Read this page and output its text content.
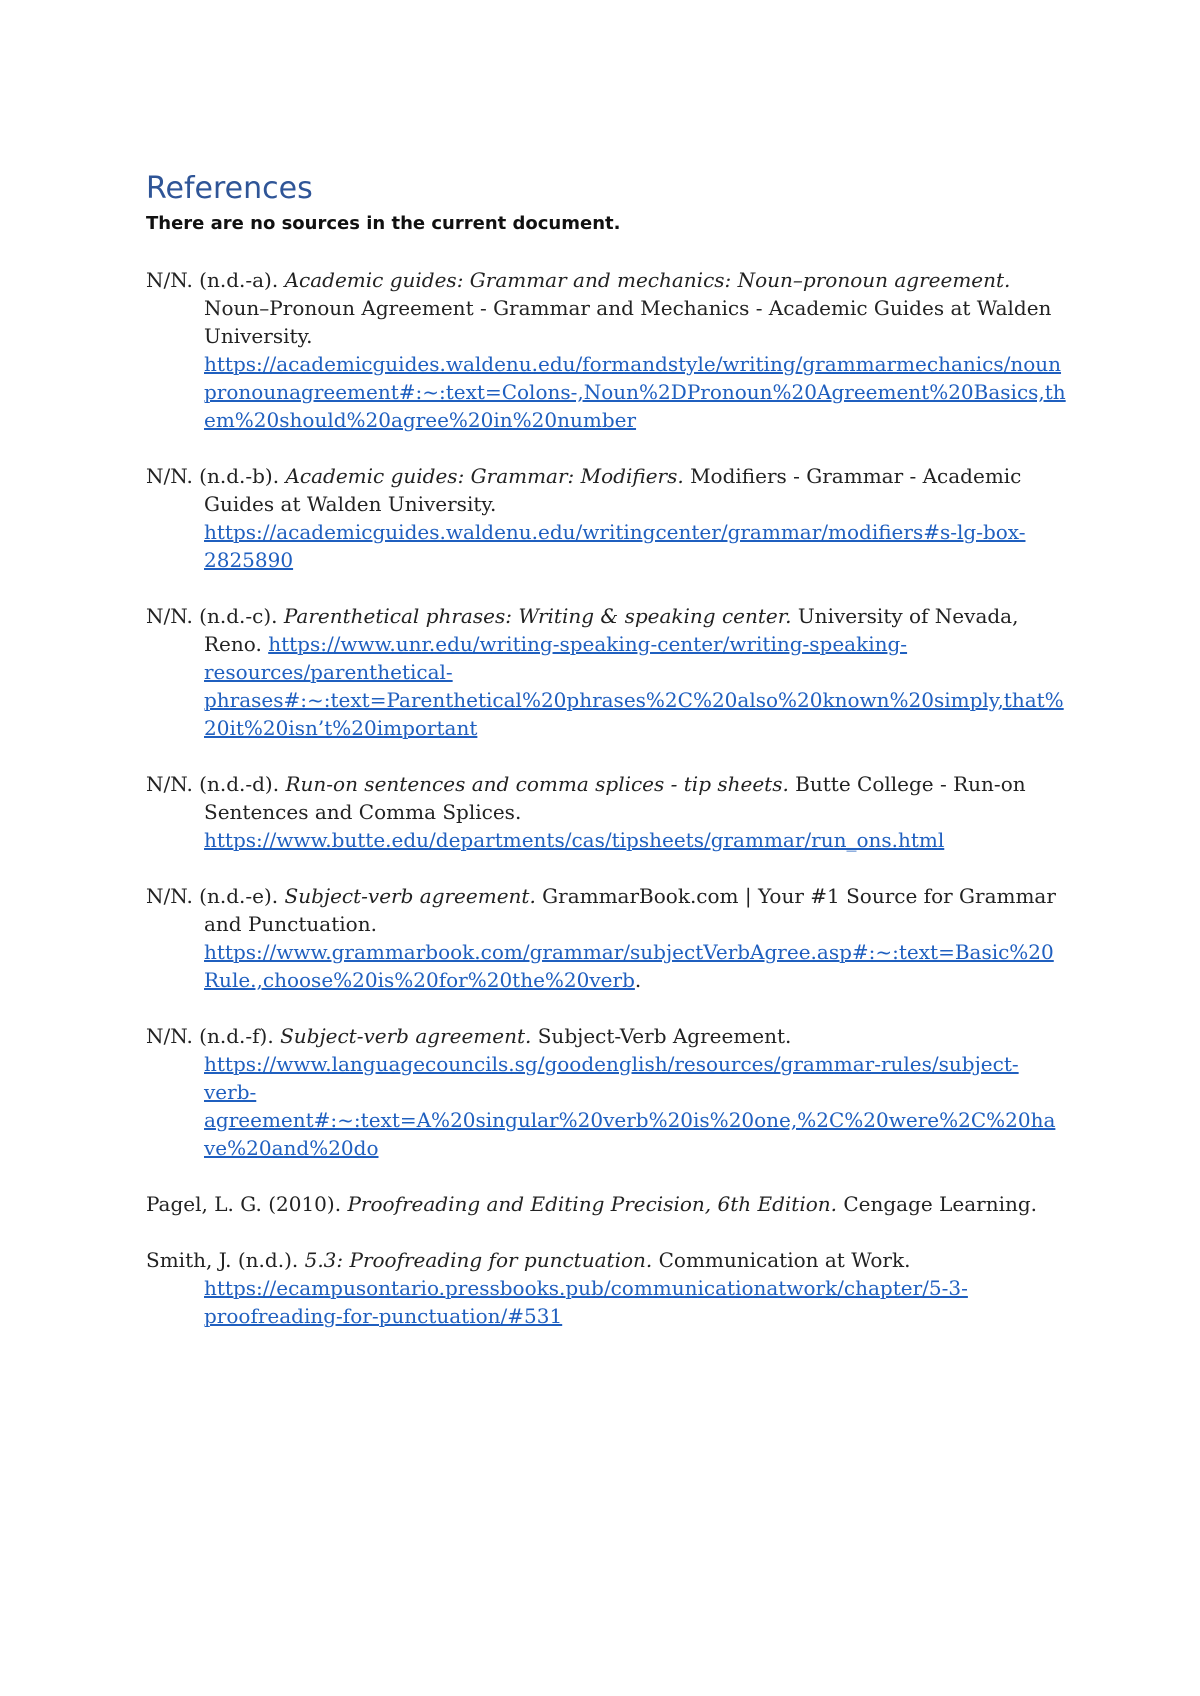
References

There are no sources in the current document.

N/N. (n.d.-a). Academic guides: Grammar and mechanics: Noun–pronoun agreement. Noun–Pronoun Agreement - Grammar and Mechanics - Academic Guides at Walden University. https://academicguides.waldenu.edu/formandstyle/writing/grammarmechanics/nounpronounagreement#:~:text=Colons-,Noun%2DPronoun%20Agreement%20Basics,them%20should%20agree%20in%20number

N/N. (n.d.-b). Academic guides: Grammar: Modifiers. Modifiers - Grammar - Academic Guides at Walden University. https://academicguides.waldenu.edu/writingcenter/grammar/modifiers#s-lg-box-2825890

N/N. (n.d.-c). Parenthetical phrases: Writing & speaking center. University of Nevada, Reno. https://www.unr.edu/writing-speaking-center/writing-speaking-resources/parenthetical-phrases#:~:text=Parenthetical%20phrases%2C%20also%20known%20simply,that%20it%20isn’t%20important

N/N. (n.d.-d). Run-on sentences and comma splices - tip sheets. Butte College - Run-on Sentences and Comma Splices. https://www.butte.edu/departments/cas/tipsheets/grammar/run_ons.html

N/N. (n.d.-e). Subject-verb agreement. GrammarBook.com | Your #1 Source for Grammar and Punctuation. https://www.grammarbook.com/grammar/subjectVerbAgree.asp#:~:text=Basic%20Rule.,choose%20is%20for%20the%20verb.

N/N. (n.d.-f). Subject-verb agreement. Subject-Verb Agreement. https://www.languagecouncils.sg/goodenglish/resources/grammar-rules/subject-verb-agreement#:~:text=A%20singular%20verb%20is%20one,%2C%20were%2C%20have%20and%20do

Pagel, L. G. (2010). Proofreading and Editing Precision, 6th Edition. Cengage Learning.

Smith, J. (n.d.). 5.3: Proofreading for punctuation. Communication at Work. https://ecampusontario.pressbooks.pub/communicationatwork/chapter/5-3-proofreading-for-punctuation/#531
